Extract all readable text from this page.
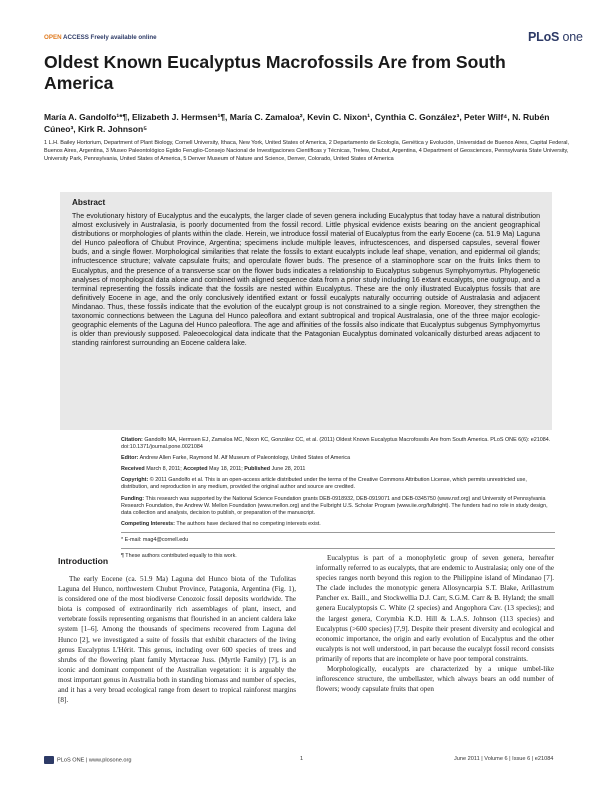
OPEN ACCESS Freely available online	PLoS one
Oldest Known Eucalyptus Macrofossils Are from South America
María A. Gandolfo¹*¶, Elizabeth J. Hermsen¹¶, María C. Zamaloa², Kevin C. Nixon¹, Cynthia C. González³, Peter Wilf⁴, N. Rubén Cúneo³, Kirk R. Johnson⁵
1 L.H. Bailey Hortorium, Department of Plant Biology, Cornell University, Ithaca, New York, United States of America, 2 Departamento de Ecología, Genética y Evolución, Universidad de Buenos Aires, Capital Federal, Buenos Aires, Argentina, 3 Museo Paleontológico Egidio Feruglio-Consejo Nacional de Investigaciones Científicas y Técnicas, Trelew, Chubut, Argentina, 4 Department of Geosciences, Pennsylvania State University, University Park, Pennsylvania, United States of America, 5 Denver Museum of Nature and Science, Denver, Colorado, United States of America
Abstract

The evolutionary history of Eucalyptus and the eucalypts, the larger clade of seven genera including Eucalyptus that today have a natural distribution almost exclusively in Australasia, is poorly documented from the fossil record. Little physical evidence exists bearing on the ancient geographical distributions or morphologies of plants within the clade. Herein, we introduce fossil material of Eucalyptus from the early Eocene (ca. 51.9 Ma) Laguna del Hunco paleoflora of Chubut Province, Argentina; specimens include multiple leaves, infructescences, and dispersed capsules, several flower buds, and a single flower. Morphological similarities that relate the fossils to extant eucalypts include leaf shape, venation, and epidermal oil glands; infructescence structure; valvate capsulate fruits; and operculate flower buds. The presence of a staminophore scar on the fruits links them to Eucalyptus, and the presence of a transverse scar on the flower buds indicates a relationship to Eucalyptus subgenus Symphyomyrtus. Phylogenetic analyses of morphological data alone and combined with aligned sequence data from a prior study including 16 extant eucalypts, one outgroup, and a terminal representing the fossils indicate that the fossils are nested within Eucalyptus. These are the only illustrated Eucalyptus fossils that are definitively Eocene in age, and the only conclusively identified extant or fossil eucalypts naturally occurring outside of Australasia and adjacent Mindanao. Thus, these fossils indicate that the evolution of the eucalypt group is not constrained to a single region. Moreover, they strengthen the taxonomic connections between the Laguna del Hunco paleoflora and extant subtropical and tropical Australasia, one of the three major ecologic-geographic elements of the Laguna del Hunco paleoflora. The age and affinities of the fossils also indicate that Eucalyptus subgenus Symphyomyrtus is older than previously supposed. Paleoecological data indicate that the Patagonian Eucalyptus dominated volcanically disturbed areas adjacent to standing rainforest surrounding an Eocene caldera lake.

Citation: Gandolfo MA, Hermsen EJ, Zamaloa MC, Nixon KC, González CC, et al. (2011) Oldest Known Eucalyptus Macrofossils Are from South America. PLoS ONE 6(6): e21084. doi:10.1371/journal.pone.0021084

Editor: Andrew Allen Farke, Raymond M. Alf Museum of Paleontology, United States of America

Received March 8, 2011; Accepted May 18, 2011; Published June 28, 2011

Copyright: © 2011 Gandolfo et al. This is an open-access article distributed under the terms of the Creative Commons Attribution License, which permits unrestricted use, distribution, and reproduction in any medium, provided the original author and source are credited.

Funding: This research was supported by the National Science Foundation grants DEB-0918932, DEB-0919071 and DEB-0345750 (www.nsf.org) and University of Pennsylvania Research Foundation, the Andrew W. Mellon Foundation (www.mellon.org) and the Fulbright U.S. Scholar Program (www.iie.org/fulbright). The funders had no role in study design, data collection and analysis, decision to publish, or preparation of the manuscript.

Competing Interests: The authors have declared that no competing interests exist.

* E-mail: mag4@cornell.edu

¶ These authors contributed equally to this work.

Introduction

The early Eocene (ca. 51.9 Ma) Laguna del Hunco biota of the Tufolitas Laguna del Hunco, northwestern Chubut Province, Patagonia, Argentina (Fig. 1), is considered one of the most biodiverse Cenozoic fossil deposits worldwide. The biota is composed of extraordinarily rich assemblages of plant, insect, and vertebrate fossils representing organisms that flourished in an ancient caldera lake system [1–6]. Among the thousands of specimens recovered from Laguna del Hunco [2], we investigated a suite of fossils that exhibit characters of the living genus Eucalyptus L'Hérit. This genus, including over 600 species of trees and shrubs of the flowering plant family Myrtaceae Juss. (Myrtle Family) [7], is an iconic and dominant component of the Australian vegetation: it is arguably the most important genus in Australia both in standing biomass and number of species, and it has a very broad ecological range from desert to tropical rainforest margins [8].

Eucalyptus is part of a monophyletic group of seven genera, hereafter informally referred to as eucalypts, that are endemic to Australasia; only one of the species ranges north beyond this region to the Philippine island of Mindanao [7]. The clade includes the monotypic genera Allosyncarpia S.T. Blake, Arillastrum Pancher ex. Baill., and Stockwellia D.J. Carr, S.G.M. Carr & B. Hyland; the small genera Eucalyptopsis C. White (2 species) and Angophora Cav. (13 species); and the largest genera, Corymbia K.D. Hill & L.A.S. Johnson (113 species) and Eucalyptus (>600 species) [7,9]. Despite their present diversity and ecological and economic importance, the origin and early evolution of Eucalyptus and the other eucalypts is not well understood, in part because the eucalypt fossil record consists primarily of reports that are incomplete or have poor temporal constraints.

Morphologically, eucalypts are characterized by a unique umbel-like inflorescence structure, the umbellaster, which always bears an odd number of flowers; woody capsulate fruits that open

PLoS ONE | www.plosone.org	1	June 2011 | Volume 6 | Issue 6 | e21084
